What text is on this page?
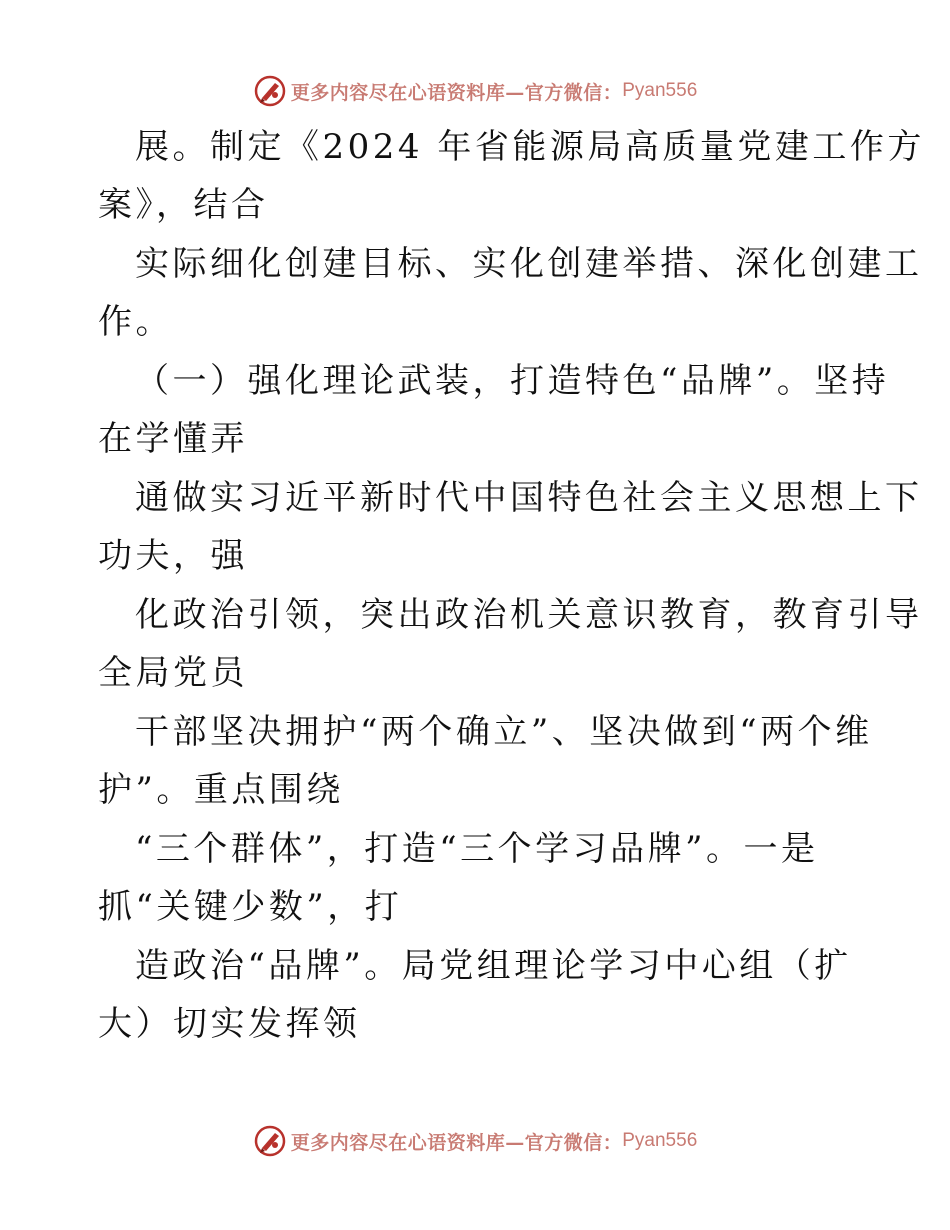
更多内容尽在心语资料库—官方微信： Pyan556
展。制定《2024 年省能源局高质量党建工作方
案》，结合
实际细化创建目标、实化创建举措、深化创建工
作。
（一）强化理论武装，打造特色“品牌”。坚持
在学懂弄
通做实习近平新时代中国特色社会主义思想上下
功夫，强
化政治引领，突出政治机关意识教育，教育引导
全局党员
干部坚决拥护“两个确立”、坚决做到“两个维
护”。重点围绕
“三个群体”，打造“三个学习品牌”。一是
抓“关键少数”，打
造政治“品牌”。局党组理论学习中心组（扩
大）切实发挥领
更多内容尽在心语资料库—官方微信： Pyan556
